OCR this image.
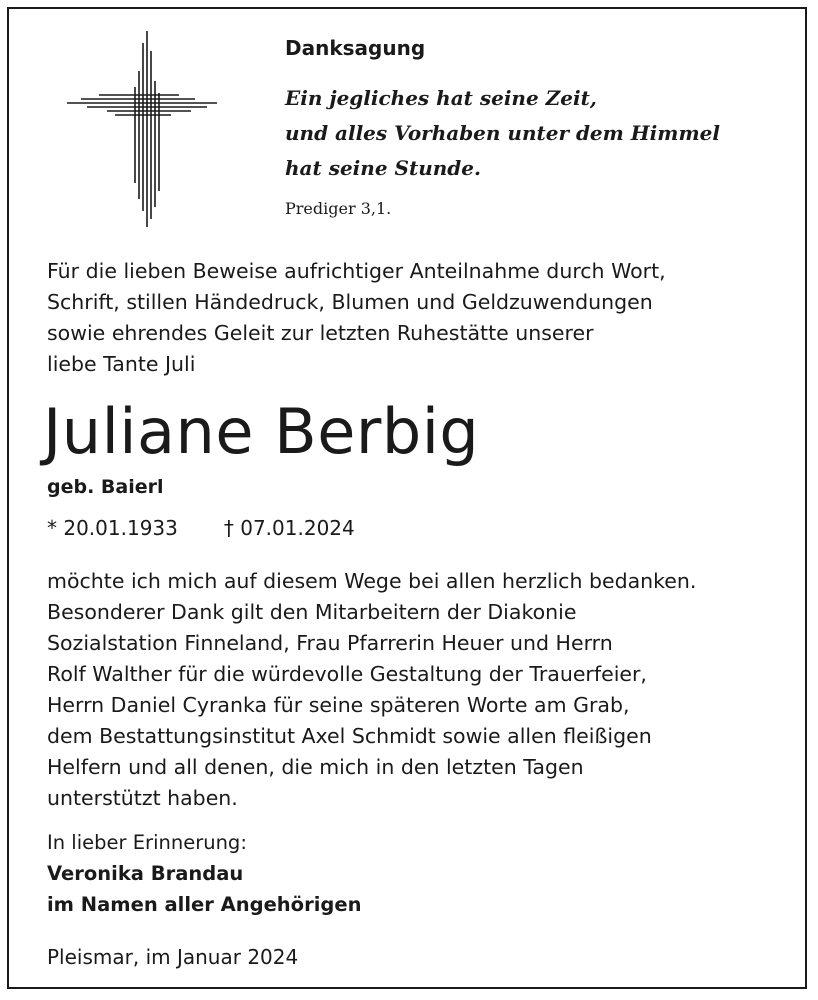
Danksagung
Ein jegliches hat seine Zeit,
und alles Vorhaben unter dem Himmel
hat seine Stunde.
Prediger 3,1.
Für die lieben Beweise aufrichtiger Anteilnahme durch Wort,
Schrift, stillen Händedruck, Blumen und Geldzuwendungen
sowie ehrendes Geleit zur letzten Ruhestätte unserer
liebe Tante Juli
Juliane Berbig
geb. Baierl
* 20.01.1933 † 07.01.2024
möchte ich mich auf diesem Wege bei allen herzlich bedanken.
Besonderer Dank gilt den Mitarbeitern der Diakonie
Sozialstation Finneland, Frau Pfarrerin Heuer und Herrn
Rolf Walther für die würdevolle Gestaltung der Trauerfeier,
Herrn Daniel Cyranka für seine späteren Worte am Grab,
dem Bestattungsinstitut Axel Schmidt sowie allen fleißigen
Helfern und all denen, die mich in den letzten Tagen
unterstützt haben.
In lieber Erinnerung:
Veronika Brandau
im Namen aller Angehörigen
Pleismar, im Januar 2024
